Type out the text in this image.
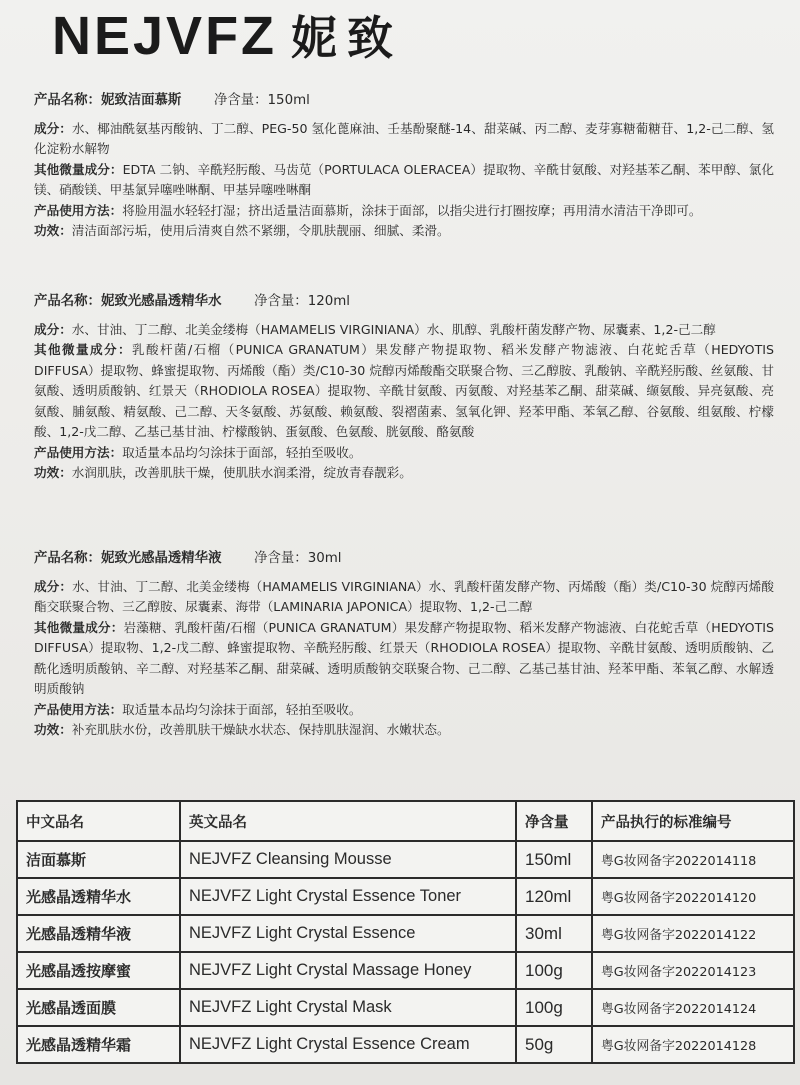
NEJVFZ 妮致
产品名称：妮致洁面慕斯 净含量：150ml

成分：水、椰油酰氨基丙酸钠、丁二醇、PEG-50 氢化蓖麻油、壬基酚聚醚-14、甜菜碱、丙二醇、麦芽寡糖葡糖苷、1,2-己二醇、氢化淀粉水解物

其他微量成分：EDTA 二钠、辛酰羟肟酸、马齿苋（PORTULACA OLERACEA）提取物、辛酰甘氨酸、对羟基苯乙酮、苯甲醇、氯化镁、硝酸镁、甲基氯异噻唑啉酮、甲基异噻唑啉酮

产品使用方法：将脸用温水轻轻打湿；挤出适量洁面慕斯，涂抹于面部，以指尖进行打圈按摩；再用清水清洁干净即可。

功效：清洁面部污垢，使用后清爽自然不紧绷，令肌肤靓丽、细腻、柔滑。

产品名称：妮致光感晶透精华水 净含量：120ml

成分：水、甘油、丁二醇、北美金缕梅（HAMAMELIS VIRGINIANA）水、肌醇、乳酸杆菌发酵产物、尿囊素、1,2-己二醇

其他微量成分：乳酸杆菌/石榴（PUNICA GRANATUM）果发酵产物提取物、稻米发酵产物滤液、白花蛇舌草（HEDYOTIS DIFFUSA）提取物、蜂蜜提取物、丙烯酸（酯）类/C10-30 烷醇丙烯酸酯交联聚合物、三乙醇胺、乳酸钠、辛酰羟肟酸、丝氨酸、甘氨酸、透明质酸钠、红景天（RHODIOLA ROSEA）提取物、辛酰甘氨酸、丙氨酸、对羟基苯乙酮、甜菜碱、缬氨酸、异亮氨酸、亮氨酸、脯氨酸、精氨酸、己二醇、天冬氨酸、苏氨酸、赖氨酸、裂褶菌素、氢氧化钾、羟苯甲酯、苯氧乙醇、谷氨酸、组氨酸、柠檬酸、1,2-戊二醇、乙基己基甘油、柠檬酸钠、蛋氨酸、色氨酸、胱氨酸、酪氨酸

产品使用方法：取适量本品均匀涂抹于面部，轻拍至吸收。

功效：水润肌肤，改善肌肤干燥，使肌肤水润柔滑，绽放青春靓彩。

产品名称：妮致光感晶透精华液 净含量：30ml

成分：水、甘油、丁二醇、北美金缕梅（HAMAMELIS VIRGINIANA）水、乳酸杆菌发酵产物、丙烯酸（酯）类/C10-30 烷醇丙烯酸酯交联聚合物、三乙醇胺、尿囊素、海带（LAMINARIA JAPONICA）提取物、1,2-己二醇

其他微量成分：岩藻糖、乳酸杆菌/石榴（PUNICA GRANATUM）果发酵产物提取物、稻米发酵产物滤液、白花蛇舌草（HEDYOTIS DIFFUSA）提取物、1,2-戊二醇、蜂蜜提取物、辛酰羟肟酸、红景天（RHODIOLA ROSEA）提取物、辛酰甘氨酸、透明质酸钠、乙酰化透明质酸钠、辛二醇、对羟基苯乙酮、甜菜碱、透明质酸钠交联聚合物、己二醇、乙基己基甘油、羟苯甲酯、苯氧乙醇、水解透明质酸钠

产品使用方法：取适量本品均匀涂抹于面部，轻拍至吸收。

功效：补充肌肤水份，改善肌肤干燥缺水状态、保持肌肤湿润、水嫩状态。

中文品名	英文品名	净含量	产品执行的标准编号
洁面慕斯	NEJVFZ Cleansing Mousse	150ml	粤G妆网备字2022014118
光感晶透精华水	NEJVFZ Light Crystal Essence Toner	120ml	粤G妆网备字2022014120
光感晶透精华液	NEJVFZ Light Crystal Essence	30ml	粤G妆网备字2022014122
光感晶透按摩蜜	NEJVFZ Light Crystal Massage Honey	100g	粤G妆网备字2022014123
光感晶透面膜	NEJVFZ Light Crystal Mask	100g	粤G妆网备字2022014124
光感晶透精华霜	NEJVFZ Light Crystal Essence Cream	50g	粤G妆网备字2022014128
